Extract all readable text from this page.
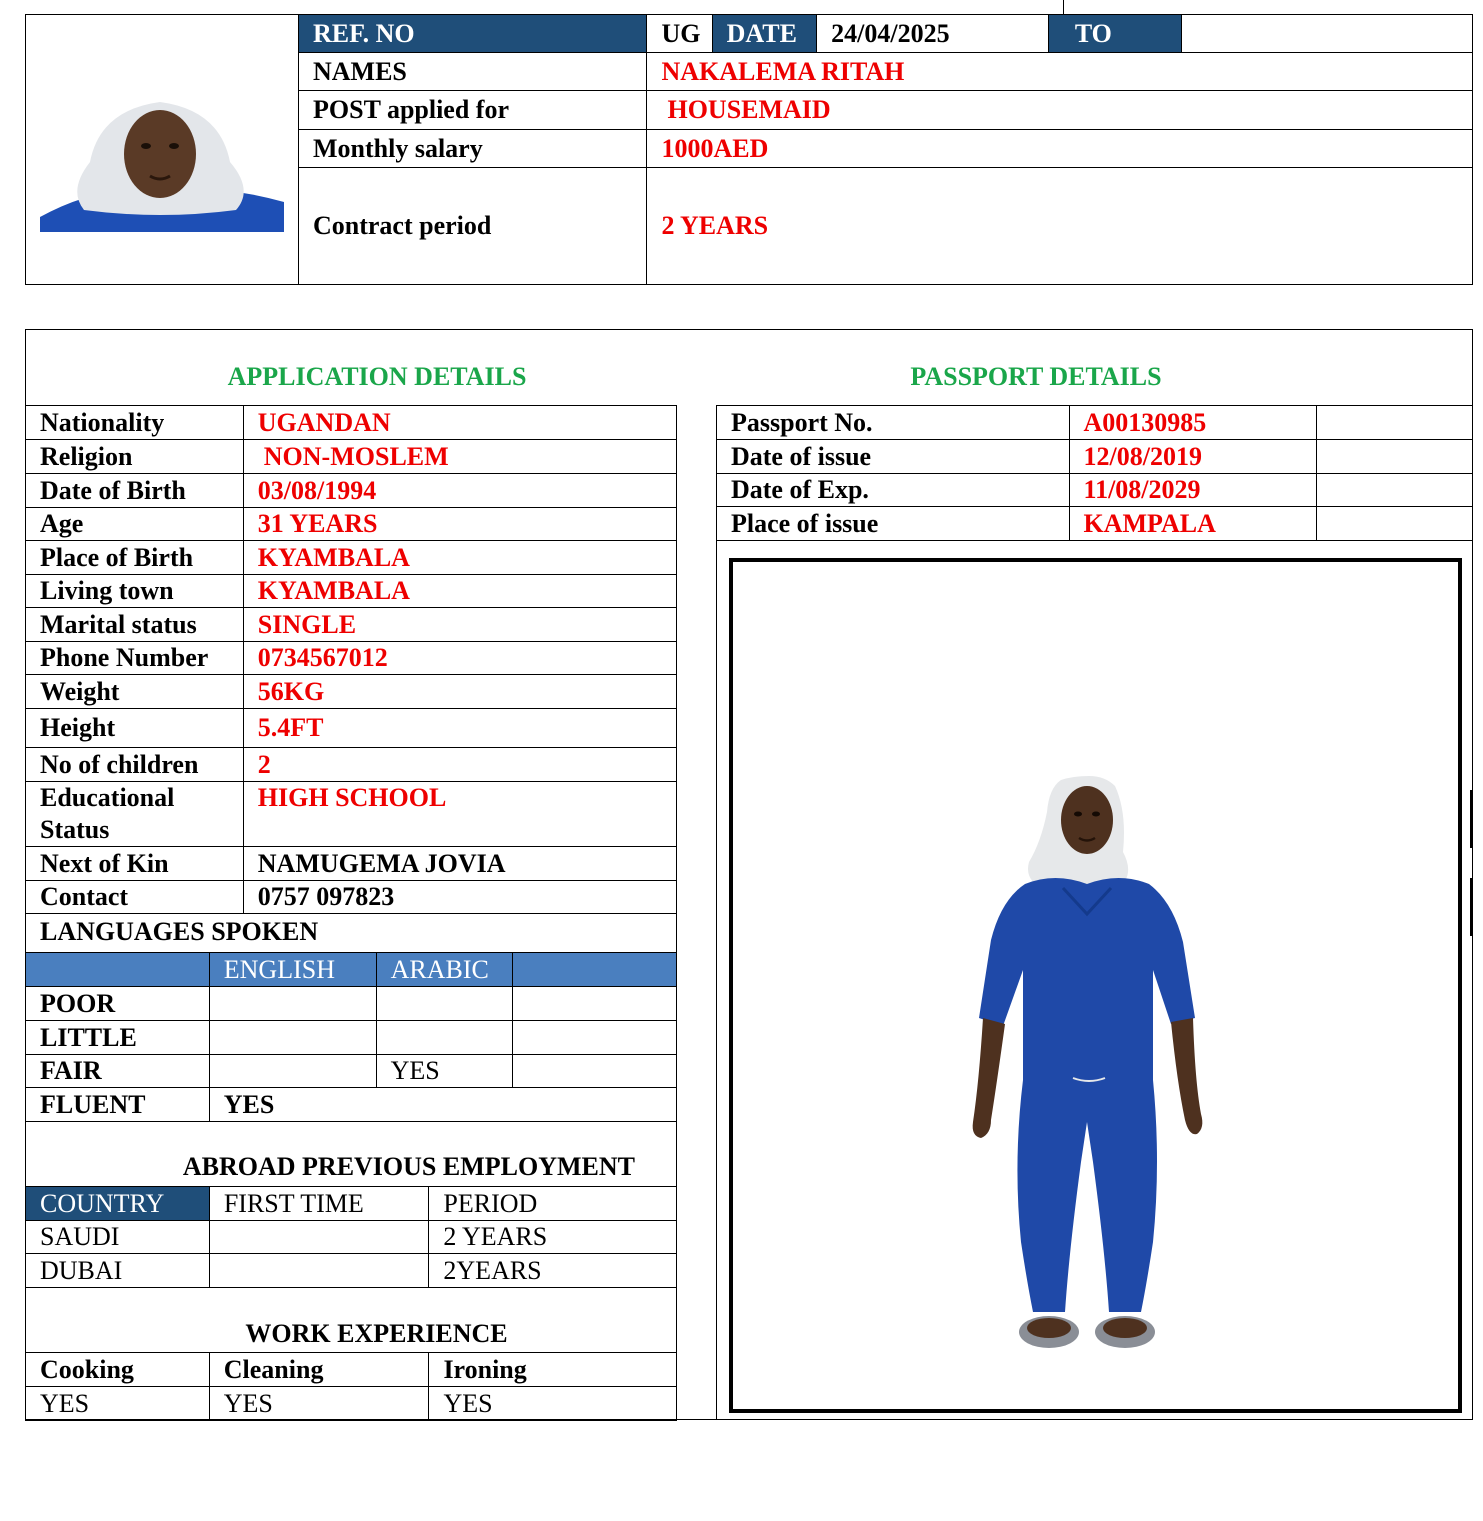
REF. NO	UG	DATE	24/04/2025	TO	
NAMES	NAKALEMA RITAH				
POST applied for	HOUSEMAID				
Monthly salary	1000AED				
Contract period	2 YEARS				
APPLICATION DETAILS	PASSPORT DETAILS
Nationality	UGANDAN
Religion	NON-MOSLEM
Date of Birth	03/08/1994
Age	31 YEARS
Place of Birth	KYAMBALA
Living town	KYAMBALA
Marital status	SINGLE
Phone Number	0734567012
Weight	56KG
Height	5.4FT
No of children	2
Educational Status	HIGH SCHOOL
Next of Kin	NAMUGEMA JOVIA
Contact	0757 097823
LANGUAGES SPOKEN
	ENGLISH	ARABIC	
POOR			
LITTLE			
FAIR		YES	
FLUENT	YES		
ABROAD PREVIOUS EMPLOYMENT
COUNTRY	FIRST TIME	PERIOD
SAUDI		2 YEARS
DUBAI		2YEARS
WORK EXPERIENCE
Cooking	Cleaning	Ironing
YES	YES	YES
Passport No.	A00130985	
Date of issue	12/08/2019	
Date of Exp.	11/08/2029	
Place of issue	KAMPALA	
